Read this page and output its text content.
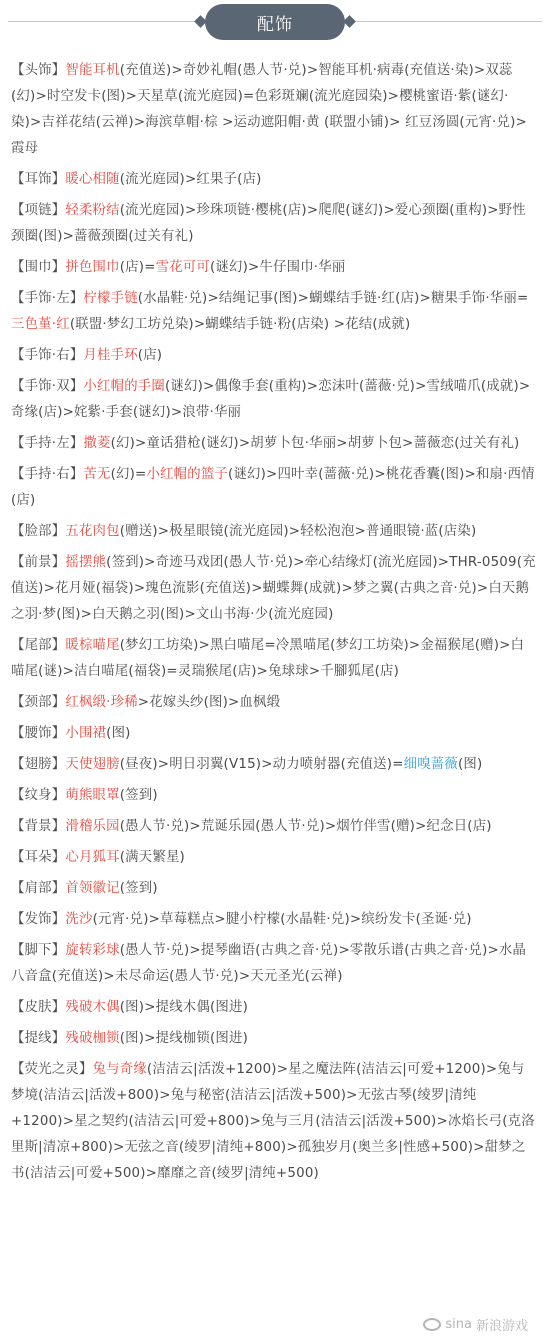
配饰
【头饰】智能耳机(充值送)>奇妙礼帽(愚人节·兑)>智能耳机·病毒(充值送·染)>双蕊(幻)>时空发卡(图)>天星草(流光庭园)=色彩斑斓(流光庭园染)>樱桃蜜语·紫(谜幻·染)>吉祥花结(云禅)>海滨草帽·棕 >运动遮阳帽·黄 (联盟小铺)> 红豆汤圆(元宵·兑)> 霞母
【耳饰】暖心相随(流光庭园)>红果子(店)
【项链】轻柔粉结(流光庭园)>珍珠项链·樱桃(店)>爬爬(谜幻)>爱心颈圈(重构)>野性颈圈(图)>蔷薇颈圈(过关有礼)
【围巾】拼色围巾(店)=雪花可可(谜幻)>牛仔围巾·华丽
【手饰·左】柠檬手链(水晶鞋·兑)>结绳记事(图)>蝴蝶结手链·红(店)>糖果手饰·华丽=三色堇·红(联盟·梦幻工坊兑染)>蝴蝶结手链·粉(店染) >花结(成就)
【手饰·右】月桂手环(店)
【手饰·双】小红帽的手圈(谜幻)>偶像手套(重构)>恋沫叶(蔷薇·兑)>雪绒喵爪(成就)>奇缘(店)>姹紫·手套(谜幻)>浪带·华丽
【手持·左】撒菱(幻)>童话猎枪(谜幻)>胡萝卜包·华丽>胡萝卜包>蔷薇恋(过关有礼)
【手持·右】苦无(幻)=小红帽的篮子(谜幻)>四叶幸(蔷薇·兑)>桃花香囊(图)>和扇·西情(店)
【脸部】五花肉包(赠送)>极星眼镜(流光庭园)>轻松泡泡>普通眼镜·蓝(店染)
【前景】摇摆熊(签到)>奇迹马戏团(愚人节·兑)>牵心结缘灯(流光庭园)>THR-0509(充值送)>花月娅(福袋)>瑰色流影(充值送)>蝴蝶舞(成就)>梦之翼(古典之音·兑)>白天鹅之羽·梦(图)>白天鹅之羽(图)>文山书海·少(流光庭园)
【尾部】暖棕喵尾(梦幻工坊染)>黑白喵尾=冷黑喵尾(梦幻工坊染)>金福猴尾(赠)>白喵尾(谜)>洁白喵尾(福袋)=灵瑞猴尾(店)>兔球球>千腳狐尾(店)
【颈部】红枫缎·珍稀>花嫁头纱(图)>血枫缎
【腰饰】小围裙(图)
【翅膀】天使翅膀(昼夜)>明日羽翼(V15)>动力喷射器(充值送)=细嗅蔷薇(图)
【纹身】萌熊眼罩(签到)
【背景】滑稽乐园(愚人节·兑)>荒诞乐园(愚人节·兑)>烟竹伴雪(赠)>纪念日(店)
【耳朵】心月狐耳(满天繁星)
【肩部】首领徽记(签到)
【发饰】洗沙(元宵·兑)>草莓糕点>腱小柠檬(水晶鞋·兑)>缤纷发卡(圣诞·兑)
【脚下】旋转彩球(愚人节·兑)>提琴幽语(古典之音·兑)>零散乐谱(古典之音·兑)>水晶八音盒(充值送)>未尽命运(愚人节·兑)>天元圣光(云禅)
【皮肤】残破木偶(图)>提线木偶(图进)
【提线】残破枷锁(图)>提线枷锁(图进)
【荧光之灵】兔与奇缘(洁洁云|活泼+1200)>星之魔法阵(洁洁云|可爱+1200)>兔与梦境(洁洁云|活泼+800)>兔与秘密(洁洁云|活泼+500)>无弦古琴(绫罗|清纯+1200)>星之契约(洁洁云|可爱+800)>兔与三月(洁洁云|活泼+500)>冰焰长弓(克洛里斯|清凉+800)>无弦之音(绫罗|清纯+800)>孤独岁月(奥兰多|性感+500)>甜梦之书(洁洁云|可爱+500)>靡靡之音(绫罗|清纯+500)
sina 新浪游戏
